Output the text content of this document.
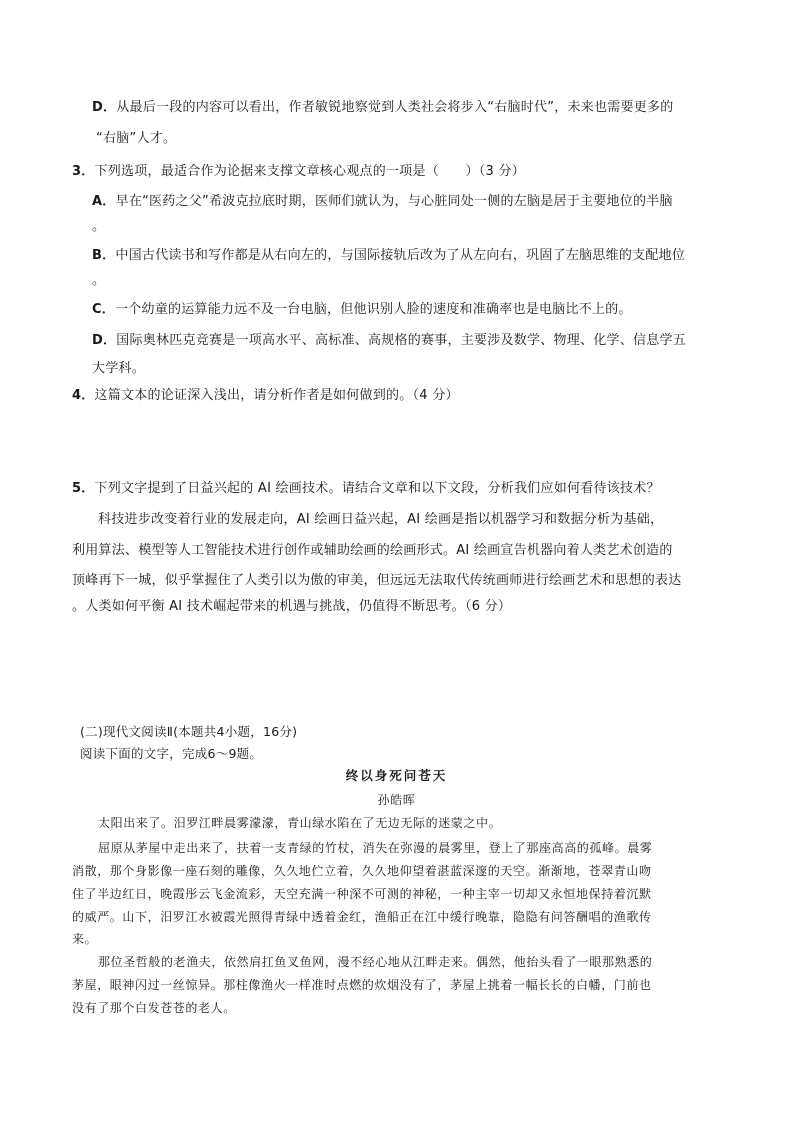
D．从最后一段的内容可以看出，作者敏锐地察觉到人类社会将步入“右脑时代”，未来也需要更多的
“右脑”人才。
3．下列选项，最适合作为论据来支撑文章核心观点的一项是（　　）（3 分）
A．早在“医药之父”希波克拉底时期，医师们就认为，与心脏同处一侧的左脑是居于主要地位的半脑
。
B．中国古代读书和写作都是从右向左的，与国际接轨后改为了从左向右，巩固了左脑思维的支配地位
。
C．一个幼童的运算能力远不及一台电脑，但他识别人脸的速度和准确率也是电脑比不上的。
D．国际奥林匹克竞赛是一项高水平、高标准、高规格的赛事，主要涉及数学、物理、化学、信息学五
大学科。
4．这篇文本的论证深入浅出，请分析作者是如何做到的。（4 分）
5．下列文字提到了日益兴起的 AI 绘画技术。请结合文章和以下文段，分析我们应如何看待该技术？
科技进步改变着行业的发展走向，AI 绘画日益兴起，AI 绘画是指以机器学习和数据分析为基础，
利用算法、模型等人工智能技术进行创作或辅助绘画的绘画形式。AI 绘画宣告机器向着人类艺术创造的
顶峰再下一城，似乎掌握住了人类引以为傲的审美，但远远无法取代传统画师进行绘画艺术和思想的表达
。人类如何平衡 AI 技术崛起带来的机遇与挑战，仍值得不断思考。（6 分）
(二)现代文阅读Ⅱ(本题共4小题，16分)
阅读下面的文字，完成6～9题。
终以身死问苍天
孙皓晖
太阳出来了。汨罗江畔晨雾濛濛，青山绿水陷在了无边无际的迷蒙之中。
屈原从茅屋中走出来了，扶着一支青绿的竹杖，消失在弥漫的晨雾里，登上了那座高高的孤峰。晨雾
消散，那个身影像一座石刻的雕像，久久地伫立着，久久地仰望着湛蓝深邃的天空。渐渐地，苍翠青山吻
住了半边红日，晚霞彤云飞金流彩，天空充满一种深不可测的神秘，一种主宰一切却又永恒地保持着沉默
的威严。山下，汨罗江水被霞光照得青绿中透着金红，渔船正在江中缓行晚靠，隐隐有问答酬唱的渔歌传
来。
那位圣哲般的老渔夫，依然肩扛鱼叉鱼网，漫不经心地从江畔走来。偶然，他抬头看了一眼那熟悉的
茅屋，眼神闪过一丝惊异。那柱像渔火一样准时点燃的炊烟没有了，茅屋上挑着一幅长长的白幡，门前也
没有了那个白发苍苍的老人。
